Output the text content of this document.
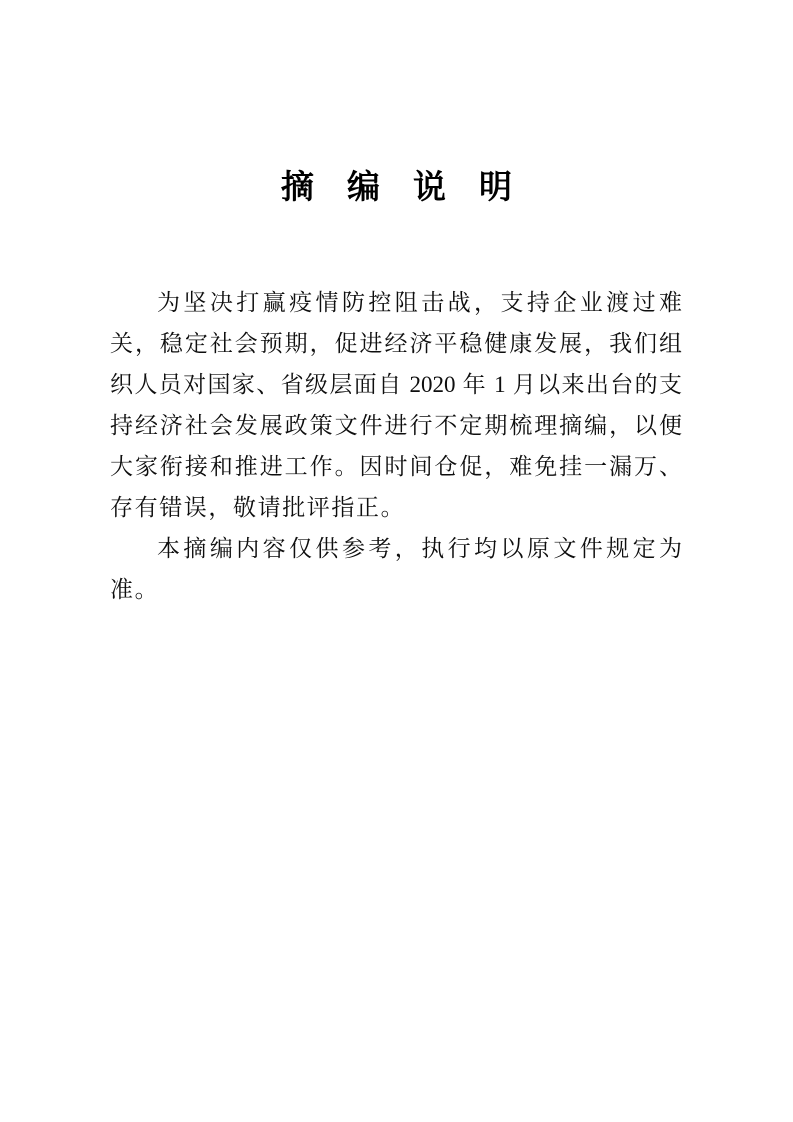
摘　编　说　明
为坚决打赢疫情防控阻击战，支持企业渡过难
关，稳定社会预期，促进经济平稳健康发展，我们组
织人员对国家、省级层面自 2020 年 1 月以来出台的支
持经济社会发展政策文件进行不定期梳理摘编，以便
大家衔接和推进工作。因时间仓促，难免挂一漏万、
存有错误，敬请批评指正。
本摘编内容仅供参考，执行均以原文件规定为
准。
